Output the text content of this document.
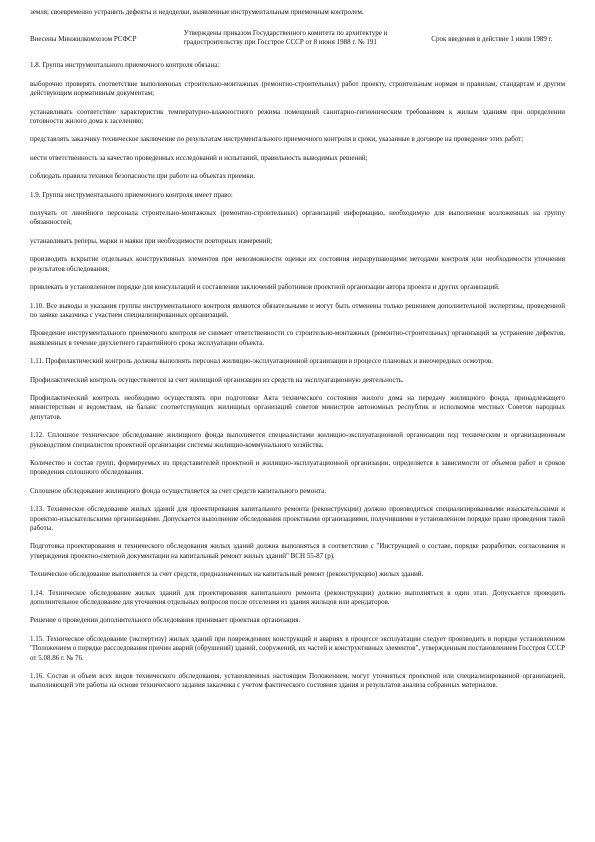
земля; своевременно устранить дефекты и недоделки, выявленные инструментальным приемочным контролем.
Внесены Минжилкомхозом РСФСР
Утверждены приказом Государственного комитета по архитектуре и градостроительству при Госстрое СССР от 8 июня 1988 г. № 191	Срок введения в действие 1 июля 1989 г.

1.8. Группа инструментального приемочного контроля обязана:

выборочно проверять соответствие выполненных строительно-монтажных (ремонтно-строительных) работ проекту, строительным нормам и правилам, стандартам и другим действующим нормативным документам;

устанавливать соответствие характеристик температурно-влажностного режима помещений санитарно-гигиеническим требованиям к жилым зданиям при определении готовности жилого дома к заселению;

представлять заказчику техническое заключение по результатам инструментального приемочного контроля в сроки, указанные в договоре на проведение этих работ;

нести ответственность за качество проведенных исследований и испытаний, правильность выводимых решений;

соблюдать правила техники безопасности при работе на объектах приемки.

1.9. Группа инструментального приемочного контроля имеет право:

получать от линейного персонала строительно-монтажных (ремонтно-строительных) организаций информацию, необходимую для выполнения возложенных на группу обязанностей;

устанавливать реперы, марки и маяки при необходимости повторных измерений;

производить вскрытие отдельных конструктивных элементов при невозможности оценки их состояния неразрушающими методами контроля или необходимости уточнения результатов обследования;

привлекать в установленном порядке для консультаций и составления заключений работников проектной организации автора проекта и других организаций.

1.10. Все выводы и указания группы инструментального контроля являются обязательными и могут быть отменены только решением дополнительной экспертизы, проведенной по заявке заказчика с участием специализированных организаций.

Проведение инструментального приемочного контроля не снимает ответственности со строительно-монтажных (ремонтно-строительных) организаций за устранение дефектов, выявленных в течение двухлетнего гарантийного срока эксплуатации объекта.

1.11. Профилактический контроль должны выполнять персонал жилищно-эксплуатационной организации в процессе плановых и внеочередных осмотров.

Профилактический контроль осуществляется за счет жилищной организации из средств на эксплуатационную деятельность.

Профилактический контроль необходимо осуществлять при подготовке Акта технического состояния жилого дома на передачу жилищного фонда, принадлежащего министерствам и ведомствам, на баланс соответствующих жилищных организаций советов министров автономных республик и исполкомов местных Советов народных депутатов.

1.12. Сплошное техническое обследование жилищного фонда выполняется специалистами жилищно-эксплуатационной организации под техническим и организационным руководством специалистов проектной организации системы жилищно-коммунального хозяйства.

Количество и состав групп, формируемых из представителей проектной и жилищно-эксплуатационной организации, определяется в зависимости от объемов работ и сроков проведения сплошного обследования.

Сплошное обследование жилищного фонда осуществляется за счет средств капитального ремонта.

1.13. Техническое обследование жилых зданий для проектирования капитального ремонта (реконструкции) должно производиться специализированными изыскательскими и проектно-изыскательскими организациями. Допускается выполнение обследования проектными организациями, получившими в установленном порядке право проведения такой работы.

Подготовка проектирования и технического обследования жилых зданий должна выполняться в соответствии с "Инструкцией о составе, порядке разработки, согласования и утверждения проектно-сметной документации на капитальный ремонт жилых зданий" ВСН 55-87 (р).

Техническое обследование выполняется за счет средств, предназначенных на капитальный ремонт (реконструкцию) жилых зданий.

1.14. Техническое обследование жилых зданий для проектирования капитального ремонта (реконструкции) должно выполняться в один этап. Допускается проводить дополнительное обследование для уточнения отдельных вопросов после отселения из здания жильцов или арендаторов.

Решение о проведении дополнительного обследования принимает проектная организация.

1.15. Техническое обследование (экспертизу) жилых зданий при повреждениях конструкций и авариях в процессе эксплуатации следует производить в порядке установленном "Положением о порядке расследования причин аварий (обрушений) зданий, сооружений, их частей и конструктивных элементов", утвержденным постановлением Госстроя СССР от 5.08.86 г. № 76.

1.16. Состав и объем всех видов технического обследования, установленных настоящим Положением, могут уточняться проектной или специализированной организацией, выполняющей эти работы на основе технического задания заказчика с учетом фактического состояния здания и результатов анализа собранных материалов.
